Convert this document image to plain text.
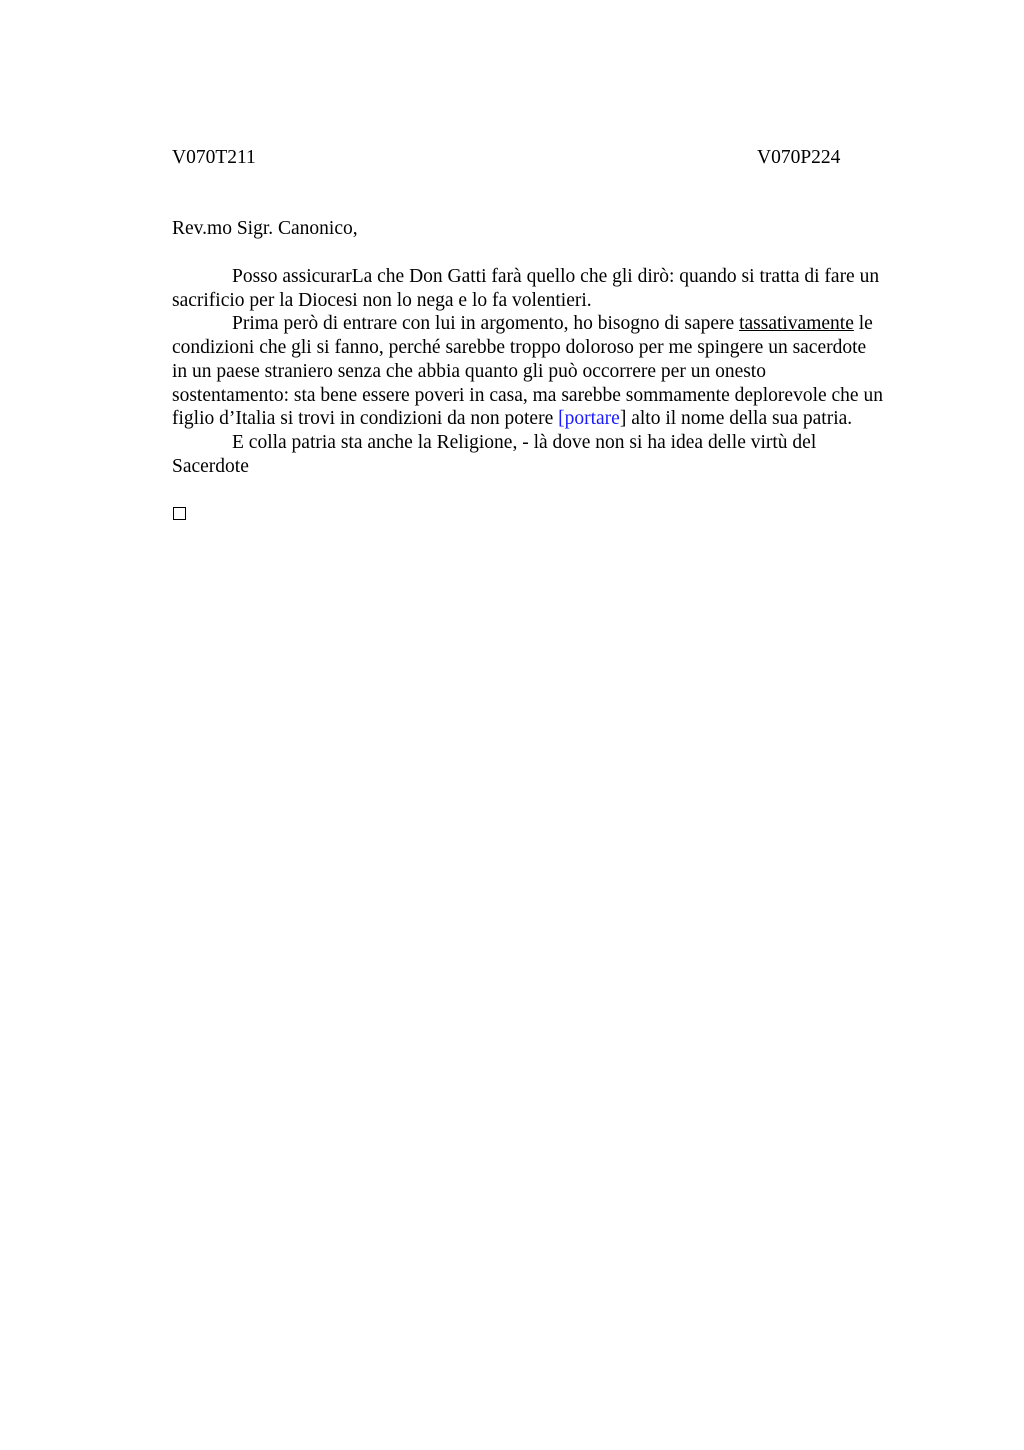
V070T211	V070P224
Rev.mo Sigr. Canonico,
Posso assicurarLa che Don Gatti farà quello che gli dirò: quando si tratta di fare un
sacrificio per la Diocesi non lo nega e lo fa volentieri.
Prima però di entrare con lui in argomento, ho bisogno di sapere tassativamente le
condizioni che gli si fanno, perché sarebbe troppo doloroso per me spingere un sacerdote
in un paese straniero senza che abbia quanto gli può occorrere per un onesto
sostentamento: sta bene essere poveri in casa, ma sarebbe sommamente deplorevole che un
figlio d’Italia si trovi in condizioni da non potere [portare] alto il nome della sua patria.
E colla patria sta anche la Religione, - là dove non si ha idea delle virtù del
Sacerdote
